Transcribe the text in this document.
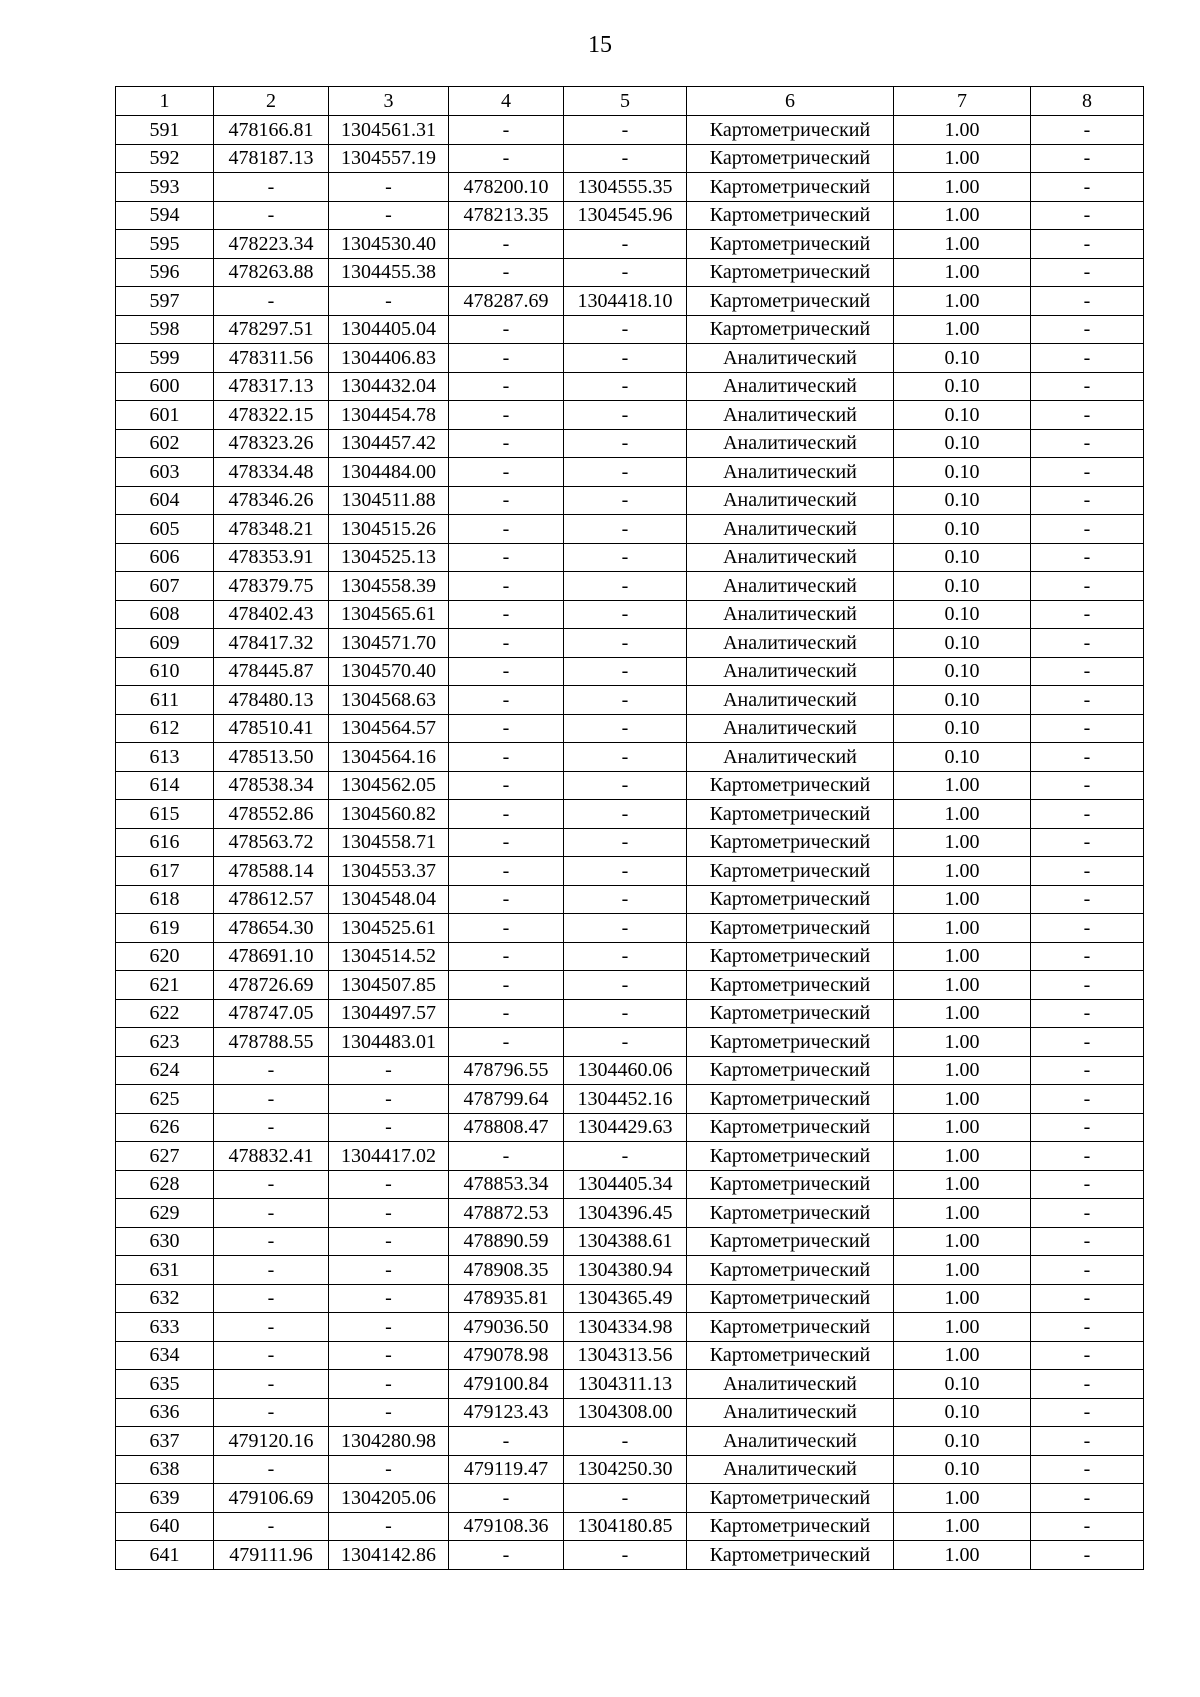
15
1	2	3	4	5	6	7	8
591	478166.81	1304561.31	-	-	Картометрический	1.00	-
592	478187.13	1304557.19	-	-	Картометрический	1.00	-
593	-	-	478200.10	1304555.35	Картометрический	1.00	-
594	-	-	478213.35	1304545.96	Картометрический	1.00	-
595	478223.34	1304530.40	-	-	Картометрический	1.00	-
596	478263.88	1304455.38	-	-	Картометрический	1.00	-
597	-	-	478287.69	1304418.10	Картометрический	1.00	-
598	478297.51	1304405.04	-	-	Картометрический	1.00	-
599	478311.56	1304406.83	-	-	Аналитический	0.10	-
600	478317.13	1304432.04	-	-	Аналитический	0.10	-
601	478322.15	1304454.78	-	-	Аналитический	0.10	-
602	478323.26	1304457.42	-	-	Аналитический	0.10	-
603	478334.48	1304484.00	-	-	Аналитический	0.10	-
604	478346.26	1304511.88	-	-	Аналитический	0.10	-
605	478348.21	1304515.26	-	-	Аналитический	0.10	-
606	478353.91	1304525.13	-	-	Аналитический	0.10	-
607	478379.75	1304558.39	-	-	Аналитический	0.10	-
608	478402.43	1304565.61	-	-	Аналитический	0.10	-
609	478417.32	1304571.70	-	-	Аналитический	0.10	-
610	478445.87	1304570.40	-	-	Аналитический	0.10	-
611	478480.13	1304568.63	-	-	Аналитический	0.10	-
612	478510.41	1304564.57	-	-	Аналитический	0.10	-
613	478513.50	1304564.16	-	-	Аналитический	0.10	-
614	478538.34	1304562.05	-	-	Картометрический	1.00	-
615	478552.86	1304560.82	-	-	Картометрический	1.00	-
616	478563.72	1304558.71	-	-	Картометрический	1.00	-
617	478588.14	1304553.37	-	-	Картометрический	1.00	-
618	478612.57	1304548.04	-	-	Картометрический	1.00	-
619	478654.30	1304525.61	-	-	Картометрический	1.00	-
620	478691.10	1304514.52	-	-	Картометрический	1.00	-
621	478726.69	1304507.85	-	-	Картометрический	1.00	-
622	478747.05	1304497.57	-	-	Картометрический	1.00	-
623	478788.55	1304483.01	-	-	Картометрический	1.00	-
624	-	-	478796.55	1304460.06	Картометрический	1.00	-
625	-	-	478799.64	1304452.16	Картометрический	1.00	-
626	-	-	478808.47	1304429.63	Картометрический	1.00	-
627	478832.41	1304417.02	-	-	Картометрический	1.00	-
628	-	-	478853.34	1304405.34	Картометрический	1.00	-
629	-	-	478872.53	1304396.45	Картометрический	1.00	-
630	-	-	478890.59	1304388.61	Картометрический	1.00	-
631	-	-	478908.35	1304380.94	Картометрический	1.00	-
632	-	-	478935.81	1304365.49	Картометрический	1.00	-
633	-	-	479036.50	1304334.98	Картометрический	1.00	-
634	-	-	479078.98	1304313.56	Картометрический	1.00	-
635	-	-	479100.84	1304311.13	Аналитический	0.10	-
636	-	-	479123.43	1304308.00	Аналитический	0.10	-
637	479120.16	1304280.98	-	-	Аналитический	0.10	-
638	-	-	479119.47	1304250.30	Аналитический	0.10	-
639	479106.69	1304205.06	-	-	Картометрический	1.00	-
640	-	-	479108.36	1304180.85	Картометрический	1.00	-
641	479111.96	1304142.86	-	-	Картометрический	1.00	-
